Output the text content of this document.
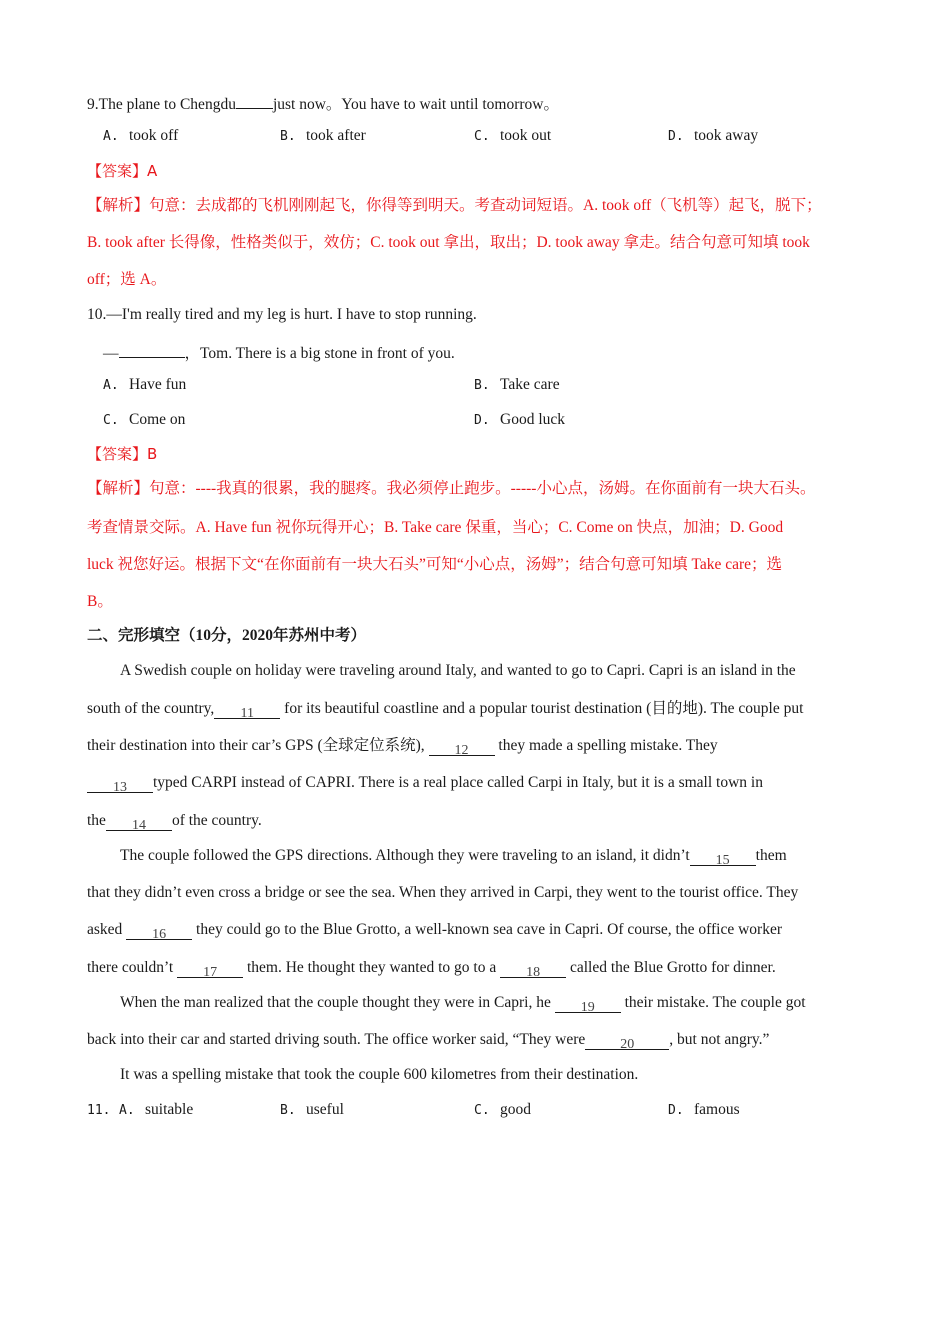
9.The plane to Chengdu just now。You have to wait until tomorrow。
A. took off	B. took after	C. took out	D. took away
【答案】A
【解析】句意：去成都的飞机刚刚起飞，你得等到明天。考查动词短语。A. took off（飞机等）起飞，脱下；
B. took after 长得像，性格类似于，效仿；C. took out 拿出，取出；D. took away 拿走。结合句意可知填 took
off；选 A。
10.—I'm really tired and my leg is hurt. I have to stop running.
—	，Tom. There is a big stone in front of you.
A. Have fun	B. Take care
C. Come on	D. Good luck
【答案】B
【解析】句意：----我真的很累，我的腿疼。我必须停止跑步。-----小心点，汤姆。在你面前有一块大石头。
考查情景交际。A. Have fun 祝你玩得开心；B. Take care 保重，当心；C. Come on 快点，加油；D. Good
luck 祝您好运。根据下文“在你面前有一块大石头”可知“小心点，汤姆”；结合句意可知填 Take care；选
B。
二、完形填空（10分，2020年苏州中考）
A Swedish couple on holiday were traveling around Italy, and wanted to go to Capri. Capri is an island in the
south of the country, 11 for its beautiful coastline and a popular tourist destination (目的地). The couple put
their destination into their car’s GPS (全球定位系统), 12 they made a spelling mistake. They
13 typed CARPI instead of CAPRI. There is a real place called Carpi in Italy, but it is a small town in
the 14 of the country.
The couple followed the GPS directions. Although they were traveling to an island, it didn’t 15 them
that they didn’t even cross a bridge or see the sea. When they arrived in Carpi, they went to the tourist office. They
asked 16 they could go to the Blue Grotto, a well-known sea cave in Capri. Of course, the office worker
there couldn’t 17 them. He thought they wanted to go to a 18 called the Blue Grotto for dinner.
When the man realized that the couple thought they were in Capri, he 19 their mistake. The couple got
back into their car and started driving south. The office worker said, “They were	20 , but not angry.”
It was a spelling mistake that took the couple 600 kilometres from their destination.
11. A. suitable	B. useful	C. good	D. famous
